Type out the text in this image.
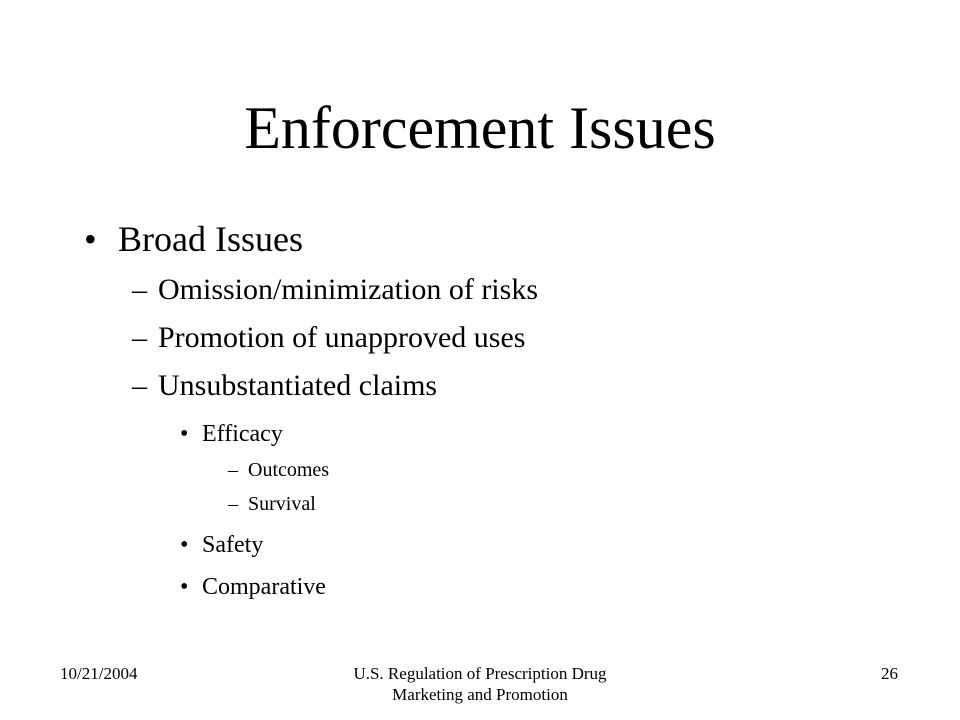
Enforcement Issues
• Broad Issues
– Omission/minimization of risks
– Promotion of unapproved uses
– Unsubstantiated claims
• Efficacy
– Outcomes
– Survival
• Safety
• Comparative
10/21/2004	U.S. Regulation of Prescription Drug
Marketing and Promotion
26
